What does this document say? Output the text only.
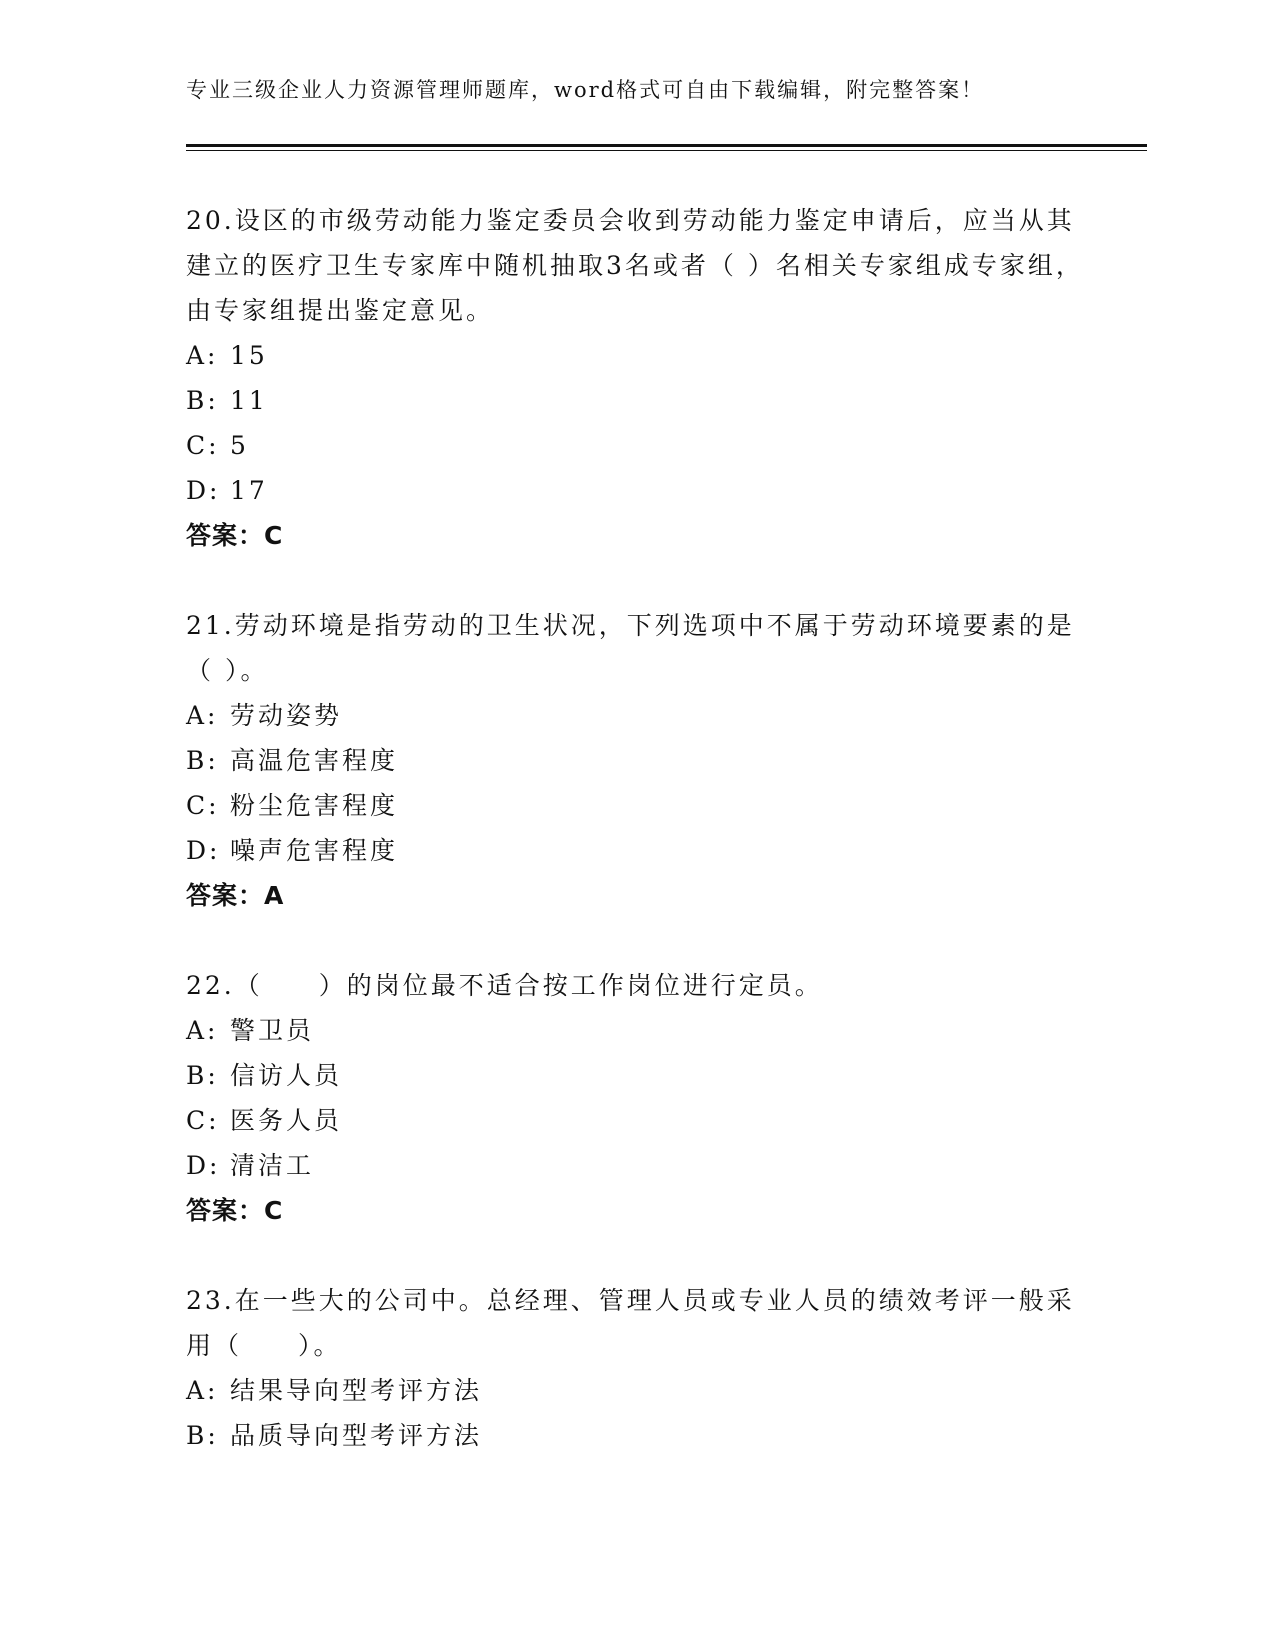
专业三级企业人力资源管理师题库，word格式可自由下载编辑，附完整答案！
20.设区的市级劳动能力鉴定委员会收到劳动能力鉴定申请后，应当从其建立的医疗卫生专家库中随机抽取3名或者（ ）名相关专家组成专家组，由专家组提出鉴定意见。
A: 15
B: 11
C: 5
D: 17
答案：C
21.劳动环境是指劳动的卫生状况，下列选项中不属于劳动环境要素的是（ ）。
A: 劳动姿势
B: 高温危害程度
C: 粉尘危害程度
D: 噪声危害程度
答案：A
22.（　　）的岗位最不适合按工作岗位进行定员。
A: 警卫员
B: 信访人员
C: 医务人员
D: 清洁工
答案：C
23.在一些大的公司中。总经理、管理人员或专业人员的绩效考评一般采用（　　）。
A: 结果导向型考评方法
B: 品质导向型考评方法
